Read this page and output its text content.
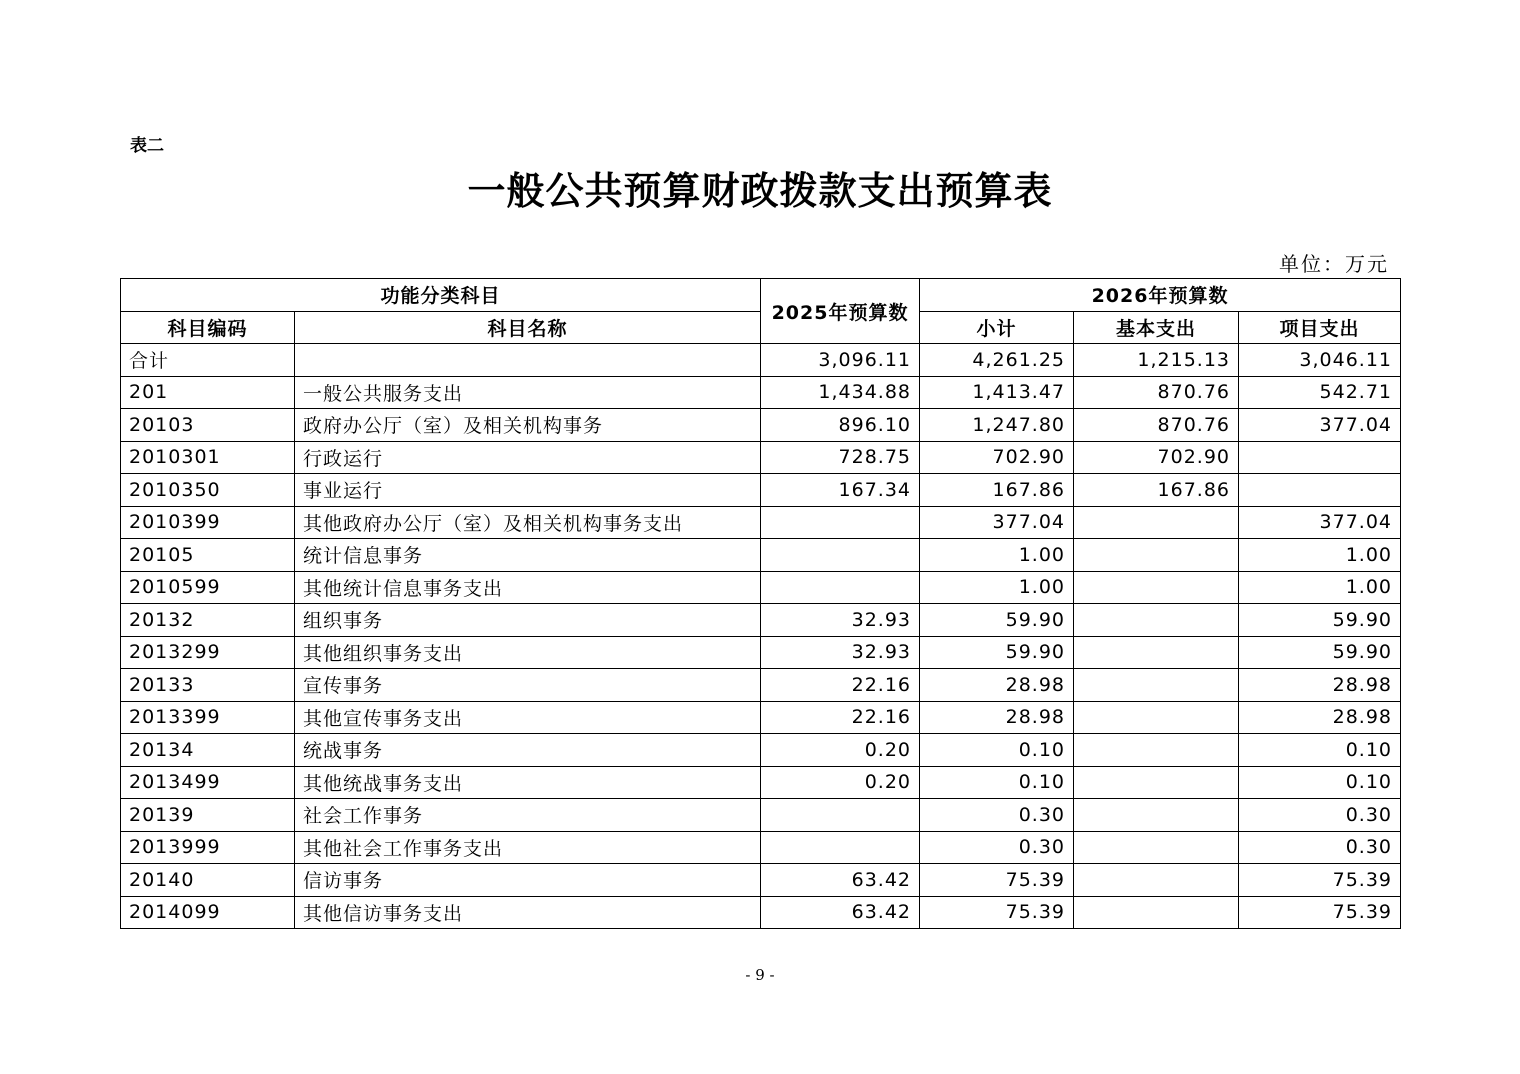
表二
一般公共预算财政拨款支出预算表
单位：万元
功能分类科目		2025年预算数	2026年预算数		
科目编码	科目名称		小计	基本支出	项目支出
合计		3,096.11	4,261.25	1,215.13	3,046.11
201	一般公共服务支出	1,434.88	1,413.47	870.76	542.71
20103	政府办公厅（室）及相关机构事务	896.10	1,247.80	870.76	377.04
2010301	行政运行	728.75	702.90	702.90	
2010350	事业运行	167.34	167.86	167.86	
2010399	其他政府办公厅（室）及相关机构事务支出		377.04		377.04
20105	统计信息事务		1.00		1.00
2010599	其他统计信息事务支出		1.00		1.00
20132	组织事务	32.93	59.90		59.90
2013299	其他组织事务支出	32.93	59.90		59.90
20133	宣传事务	22.16	28.98		28.98
2013399	其他宣传事务支出	22.16	28.98		28.98
20134	统战事务	0.20	0.10		0.10
2013499	其他统战事务支出	0.20	0.10		0.10
20139	社会工作事务		0.30		0.30
2013999	其他社会工作事务支出		0.30		0.30
20140	信访事务	63.42	75.39		75.39
2014099	其他信访事务支出	63.42	75.39		75.39
- 9 -
